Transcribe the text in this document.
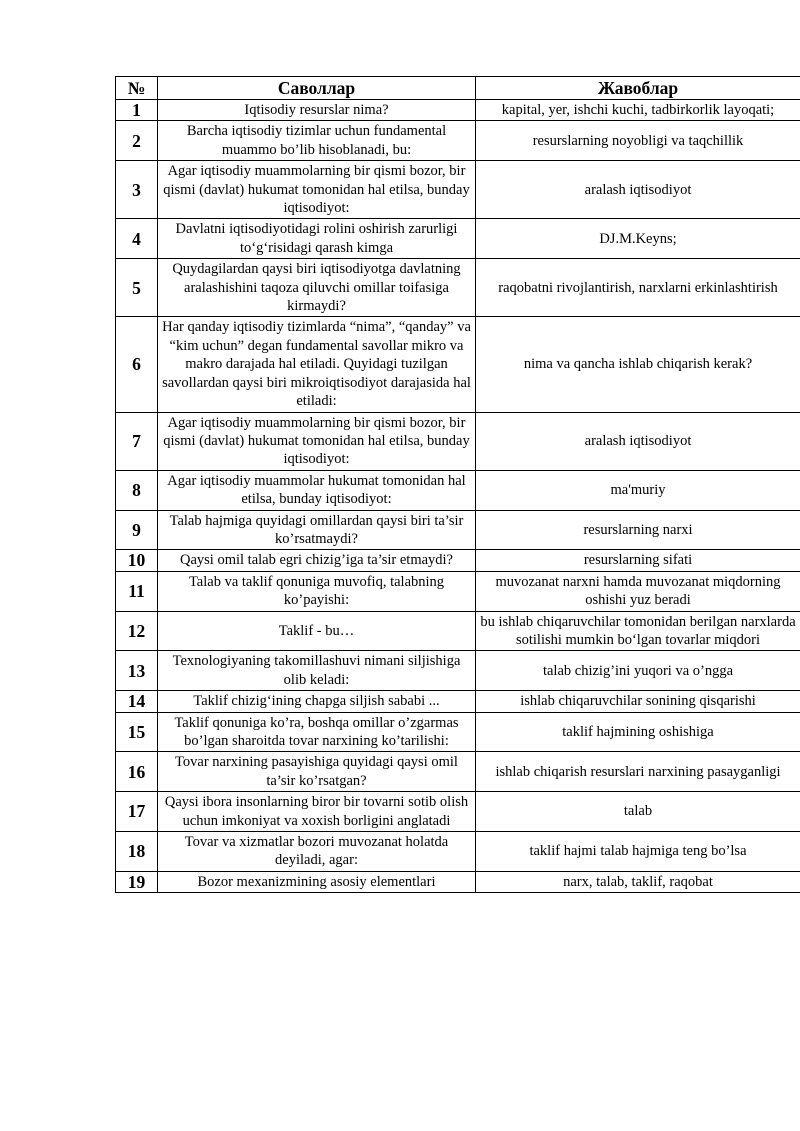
№	Саволлар	Жавоблар
1	Iqtisodiy resurslar nima?	kapital, yer, ishchi kuchi, tadbirkorlik layoqati;
2	Barcha iqtisodiy tizimlar uchun fundamental muammo bo’lib hisoblanadi, bu:	resurslarning noyobligi va taqchillik
3	Agar iqtisodiy muammolarning bir qismi bozor, bir qismi (davlat) hukumat tomonidan hal etilsa, bunday iqtisodiyot:	aralash iqtisodiyot
4	Davlatni iqtisodiyotidagi rolini oshirish zarurligi to‘g‘risidagi qarash kimga	DJ.M.Keyns;
5	Quydagilardan qaysi biri iqtisodiyotga davlatning aralashishini taqoza qiluvchi omillar toifasiga kirmaydi?	raqobatni rivojlantirish, narxlarni erkinlashtirish
6	Har qanday iqtisodiy tizimlarda “nima”, “qanday” va “kim uchun” degan fundamental savollar mikro va makro darajada hal etiladi. Quyidagi tuzilgan savollardan qaysi biri mikroiqtisodiyot darajasida hal etiladi:	nima va qancha ishlab chiqarish kerak?
7	Agar iqtisodiy muammolarning bir qismi bozor, bir qismi (davlat) hukumat tomonidan hal etilsa, bunday iqtisodiyot:	aralash iqtisodiyot
8	Agar iqtisodiy muammolar hukumat tomonidan hal etilsa, bunday iqtisodiyot:	ma'muriy
9	Talab hajmiga quyidagi omillardan qaysi biri ta’sir ko’rsatmaydi?	resurslarning narxi
10	Qaysi omil talab egri chizig’iga ta’sir etmaydi?	resurslarning sifati
11	Talab va taklif qonuniga muvofiq, talabning ko’payishi:	muvozanat narxni hamda muvozanat miqdorning oshishi yuz beradi
12	Taklif - bu…	bu ishlab chiqaruvchilar tomonidan berilgan narxlarda sotilishi mumkin bo‘lgan tovarlar miqdori
13	Texnologiyaning takomillashuvi nimani siljishiga olib keladi:	talab chizig’ini yuqori va o’ngga
14	Taklif chizig‘ining chapga siljish sababi ...	ishlab chiqaruvchilar sonining qisqarishi
15	Taklif qonuniga ko’ra, boshqa omillar o’zgarmas bo’lgan sharoitda tovar narxining ko’tarilishi:	taklif hajmining oshishiga
16	Tovar narxining pasayishiga quyidagi qaysi omil ta’sir ko’rsatgan?	ishlab chiqarish resurslari narxining pasayganligi
17	Qaysi ibora insonlarning biror bir tovarni sotib olish uchun imkoniyat va xoxish borligini anglatadi	talab
18	Tovar va xizmatlar bozori muvozanat holatda deyiladi, agar:	taklif hajmi talab hajmiga teng bo’lsa
19	Bozor mexanizmining asosiy elementlari	narx, talab, taklif, raqobat
